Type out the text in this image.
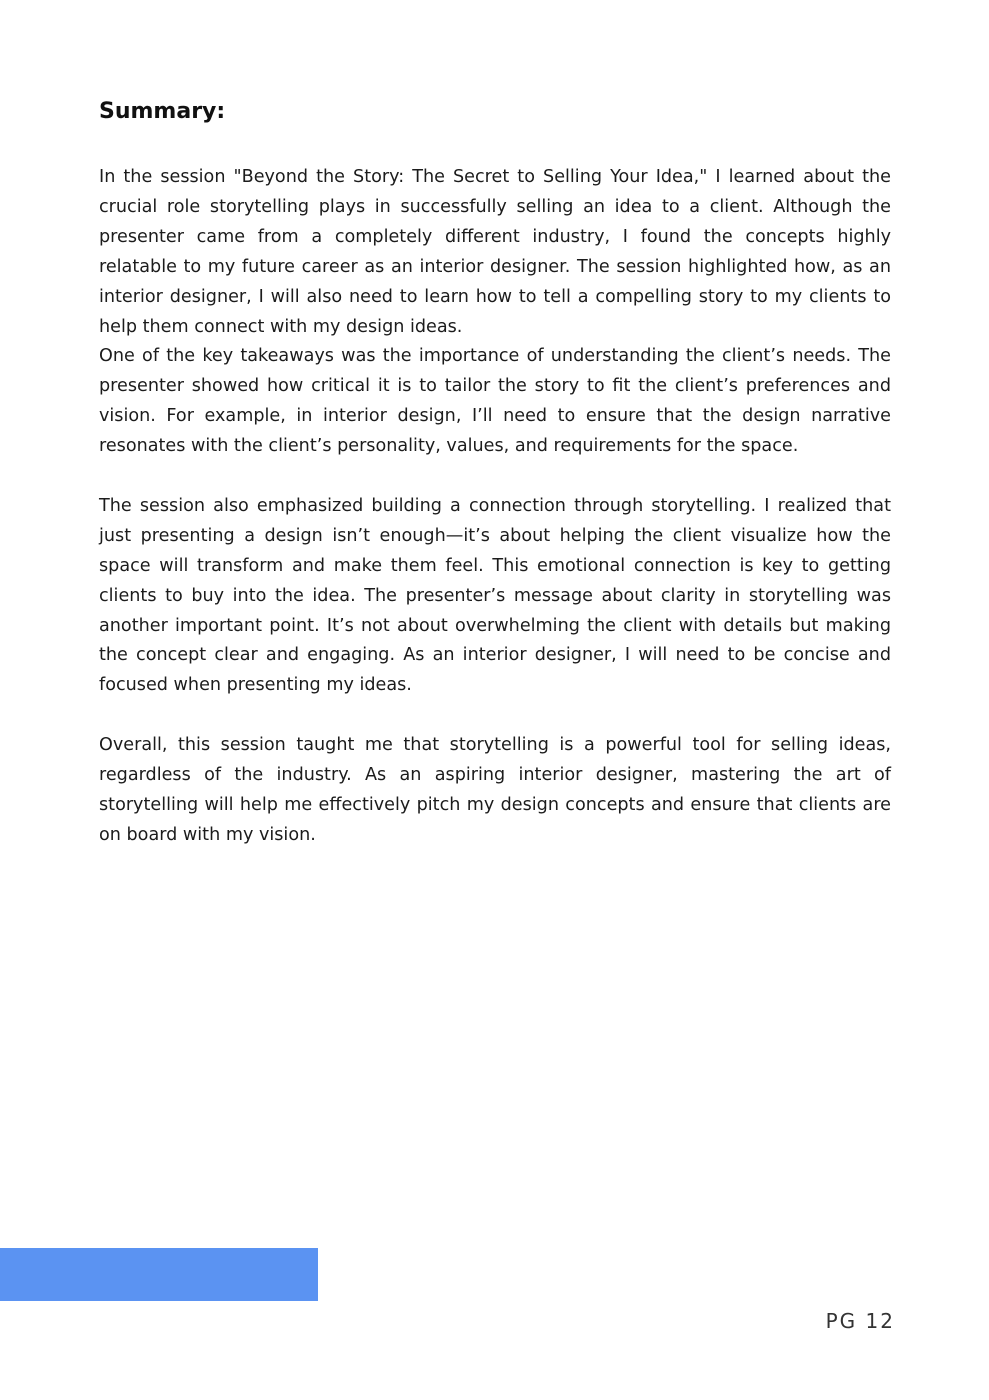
Summary:

In the session "Beyond the Story: The Secret to Selling Your Idea," I learned about the crucial role storytelling plays in successfully selling an idea to a client. Although the presenter came from a completely different industry, I found the concepts highly relatable to my future career as an interior designer. The session highlighted how, as an interior designer, I will also need to learn how to tell a compelling story to my clients to help them connect with my design ideas.

One of the key takeaways was the importance of understanding the client’s needs. The presenter showed how critical it is to tailor the story to fit the client’s preferences and vision. For example, in interior design, I’ll need to ensure that the design narrative resonates with the client’s personality, values, and requirements for the space.

The session also emphasized building a connection through storytelling. I realized that just presenting a design isn’t enough—it’s about helping the client visualize how the space will transform and make them feel. This emotional connection is key to getting clients to buy into the idea. The presenter’s message about clarity in storytelling was another important point. It’s not about overwhelming the client with details but making the concept clear and engaging. As an interior designer, I will need to be concise and focused when presenting my ideas.

Overall, this session taught me that storytelling is a powerful tool for selling ideas, regardless of the industry. As an aspiring interior designer, mastering the art of storytelling will help me effectively pitch my design concepts and ensure that clients are on board with my vision.

PG 12
